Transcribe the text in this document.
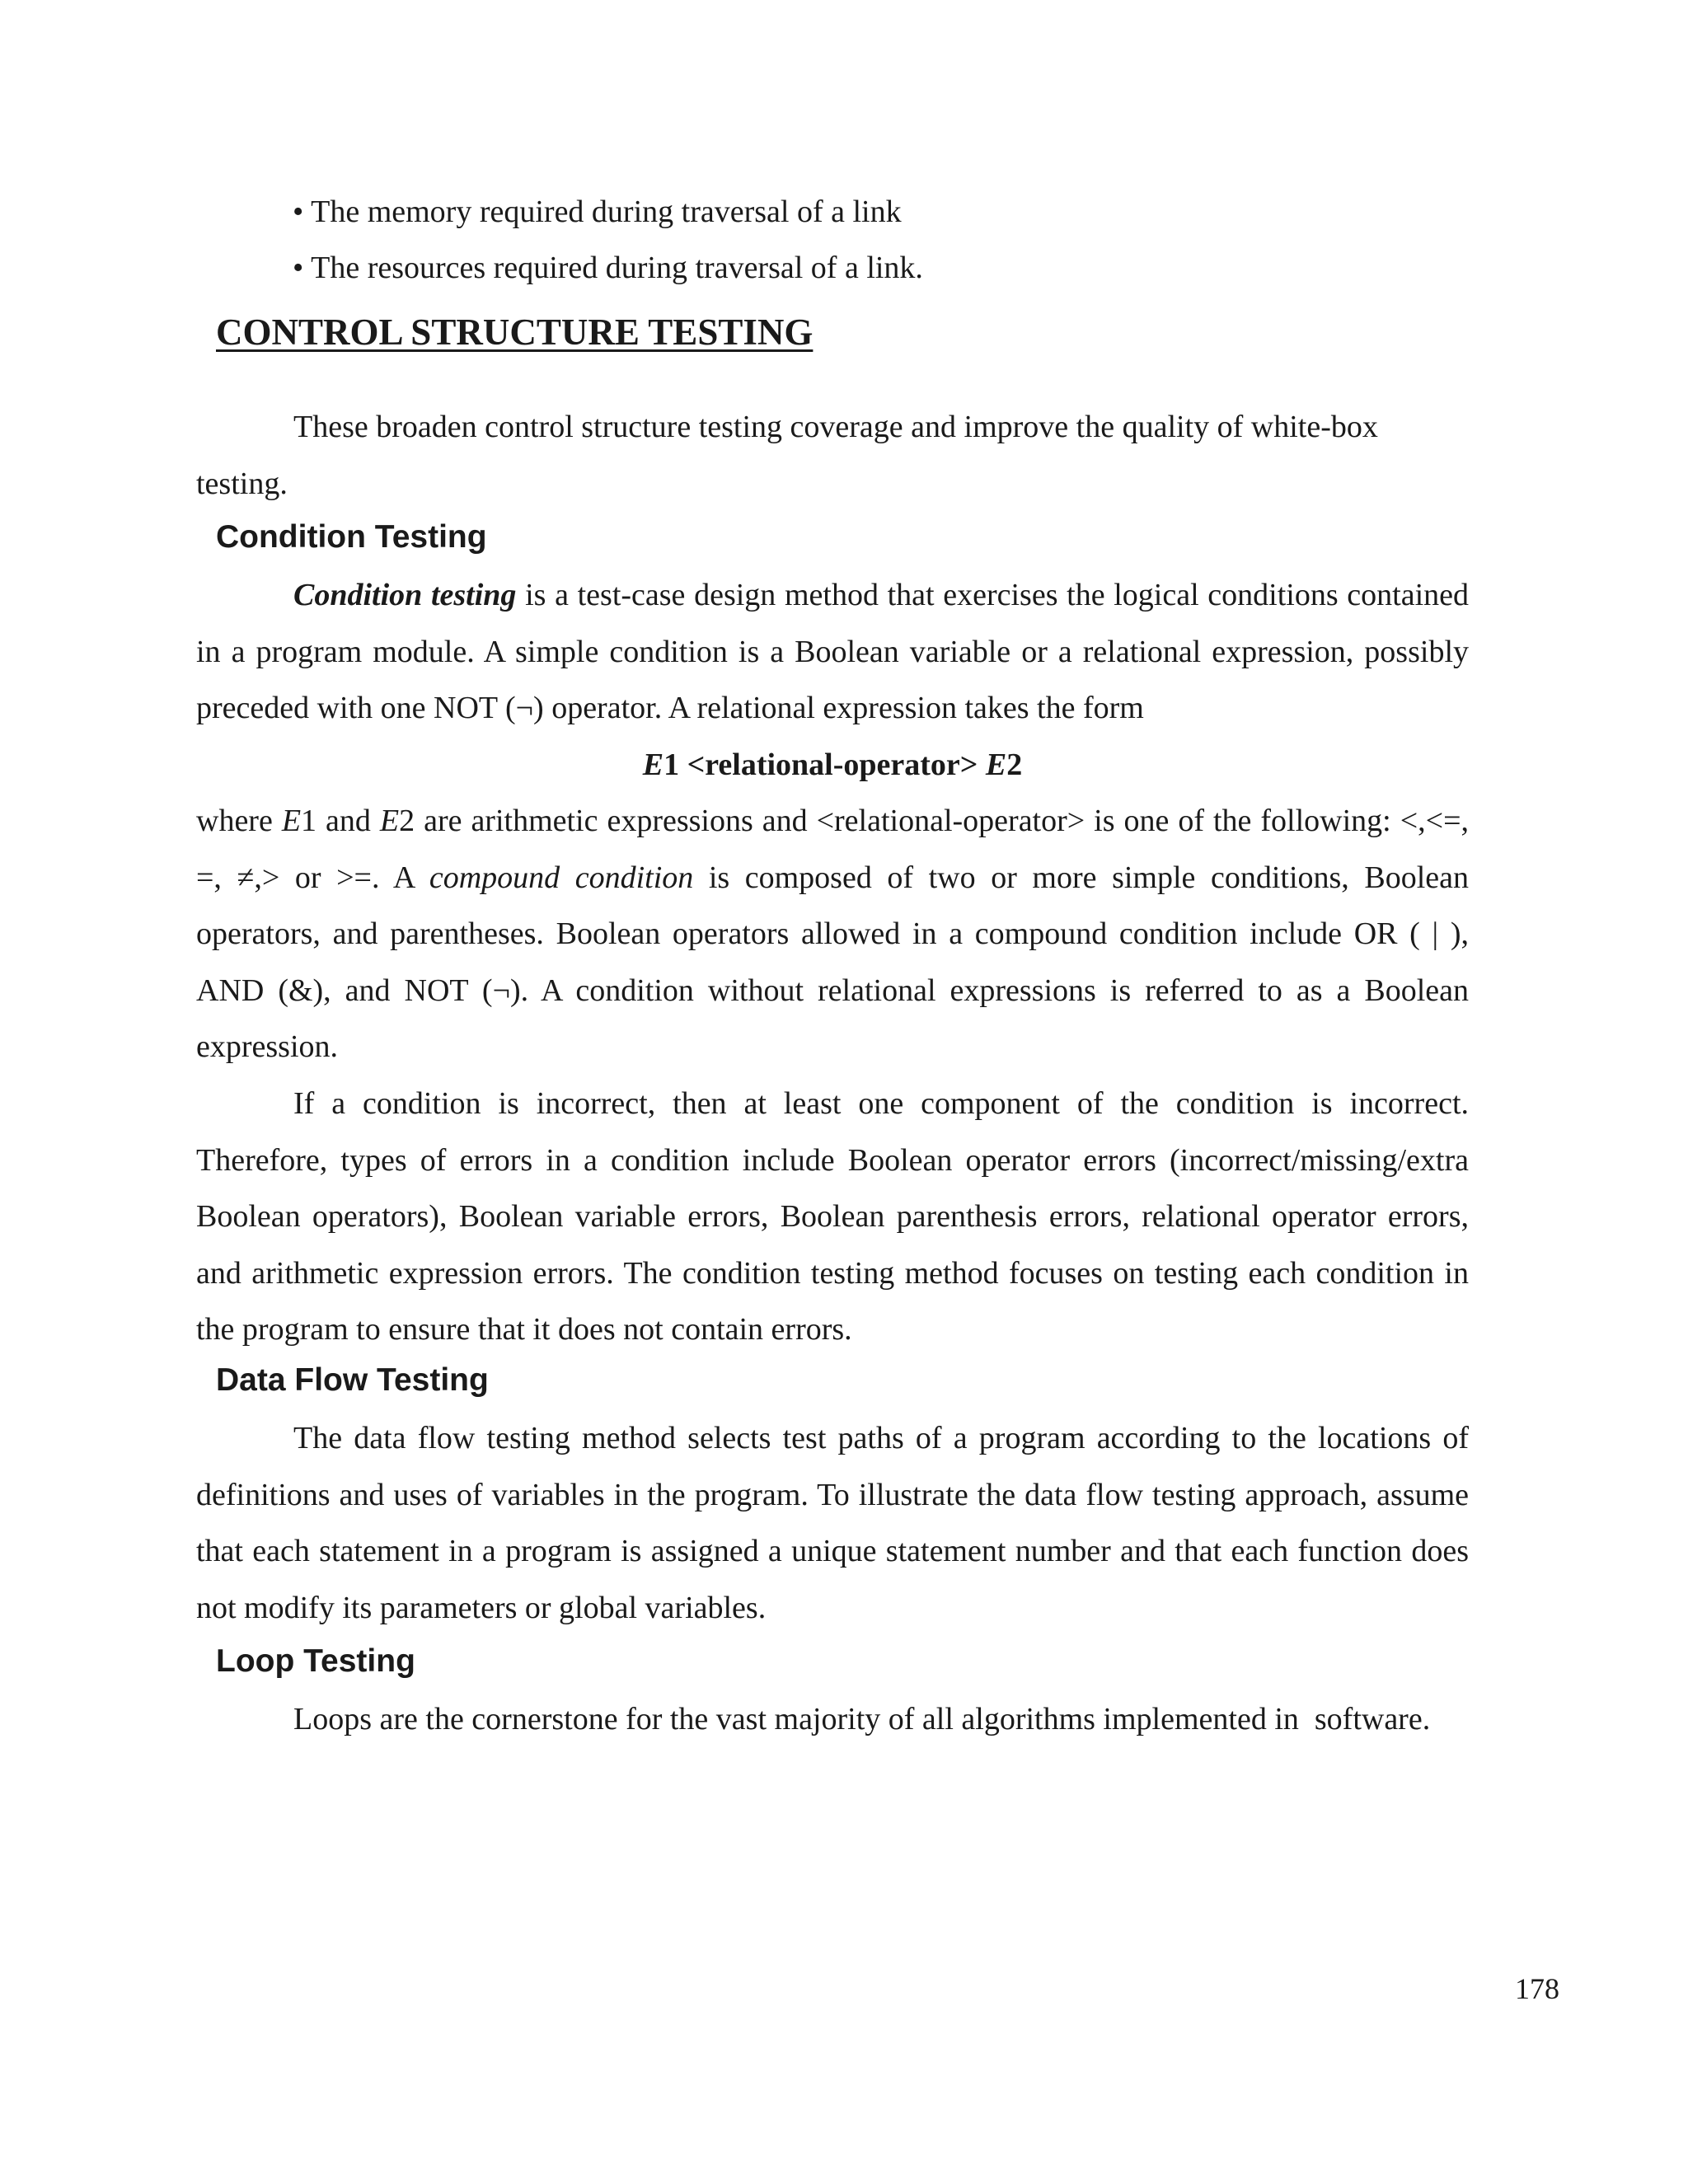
• The memory required during traversal of a link
• The resources required during traversal of a link.
CONTROL STRUCTURE TESTING

These broaden control structure testing coverage and improve the quality of white-box
testing.

Condition Testing

Condition testing is a test-case design method that exercises the logical conditions contained in a program module. A simple condition is a Boolean variable or a relational expression, possibly preceded with one NOT (¬) operator. A relational expression takes the form

E1 <relational-operator> E2

where E1 and E2 are arithmetic expressions and <relational-operator> is one of the following: <,<=, =, ≠,> or >=. A compound condition is composed of two or more simple conditions, Boolean operators, and parentheses. Boolean operators allowed in a compound condition include OR ( | ), AND (&), and NOT (¬). A condition without relational expressions is referred to as a Boolean expression.

If a condition is incorrect, then at least one component of the condition is incorrect. Therefore, types of errors in a condition include Boolean operator errors (incorrect/missing/extra Boolean operators), Boolean variable errors, Boolean parenthesis errors, relational operator errors, and arithmetic expression errors. The condition testing method focuses on testing each condition in the program to ensure that it does not contain errors.

Data Flow Testing

The data flow testing method selects test paths of a program according to the locations of definitions and uses of variables in the program. To illustrate the data flow testing approach, assume that each statement in a program is assigned a unique statement number and that each function does not modify its parameters or global variables.

Loop Testing

Loops are the cornerstone for the vast majority of all algorithms implemented in  software.

178
